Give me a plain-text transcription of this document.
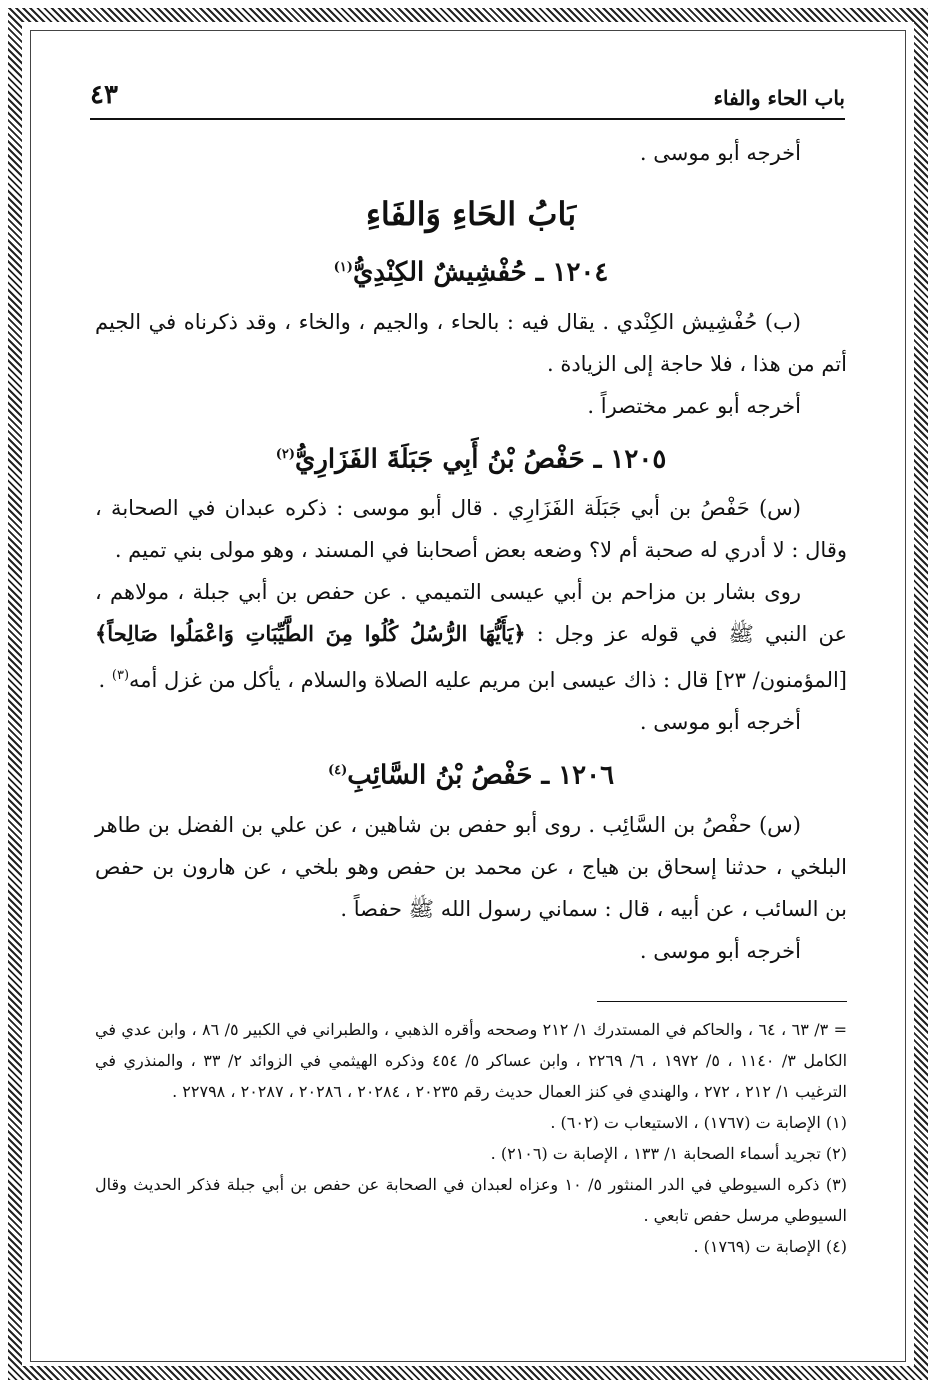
باب الحاء والفاء
٤٣

أخرجه أبو موسى .

بَابُ الحَاءِ وَالفَاءِ
١٢٠٤ ـ حُفْشِيشٌ الكِنْدِيُّ$^{(١)}$

(ب) حُفْشِيش الكِنْدي . يقال فيه : بالحاء ، والجيم ، والخاء ، وقد ذكرناه في الجيم أتم من هذا ، فلا حاجة إلى الزيادة .

أخرجه أبو عمر مختصراً .

١٢٠٥ ـ حَفْصُ بْنُ أَبِي جَبَلَةَ الفَزَارِيُّ$^{(٢)}$

(س) حَفْصُ بن أبي جَبَلَة الفَزَارِي . قال أبو موسى : ذكره عبدان في الصحابة ، وقال : لا أدري له صحبة أم لا؟ وضعه بعض أصحابنا في المسند ، وهو مولى بني تميم .

روى بشار بن مزاحم بن أبي عيسى التميمي . عن حفص بن أبي جبلة ، مولاهم ، عن النبي ﷺ في قوله عز وجل : ﴿يَأَيُّهَا الرُّسُلُ كُلُوا مِنَ الطَّيِّبَاتِ وَاعْمَلُوا صَالِحاً﴾ [المؤمنون/ ٢٣] قال : ذاك عيسى ابن مريم عليه الصلاة والسلام ، يأكل من غزل أمه$^{(٣)}$ .

أخرجه أبو موسى .

١٢٠٦ ـ حَفْصُ بْنُ السَّائِبِ$^{(٤)}$

(س) حفْصُ بن السَّائِب . روى أبو حفص بن شاهين ، عن علي بن الفضل بن طاهر البلخي ، حدثنا إسحاق بن هياج ، عن محمد بن حفص وهو بلخي ، عن هارون بن حفص بن السائب ، عن أبيه ، قال : سماني رسول الله ﷺ حفصاً .

أخرجه أبو موسى .

= ٣/ ٦٣ ، ٦٤ ، والحاكم في المستدرك ١/ ٢١٢ وصححه وأقره الذهبي ، والطبراني في الكبير ٥/ ٨٦ ، وابن عدي في الكامل ٣/ ١١٤٠ ، ٥/ ١٩٧٢ ، ٦/ ٢٢٦٩ ، وابن عساكر ٥/ ٤٥٤ وذكره الهيثمي في الزوائد ٢/ ٣٣ ، والمنذري في الترغيب ١/ ٢١٢ ، ٢٧٢ ، والهندي في كنز العمال حديث رقم ٢٠٢٣٥ ، ٢٠٢٨٤ ، ٢٠٢٨٦ ، ٢٠٢٨٧ ، ٢٢٧٩٨ .

(١) الإصابة ت (١٧٦٧) ، الاستيعاب ت (٦٠٢) .

(٢) تجريد أسماء الصحابة ١/ ١٣٣ ، الإصابة ت (٢١٠٦) .

(٣) ذكره السيوطي في الدر المنثور ٥/ ١٠ وعزاه لعبدان في الصحابة عن حفص بن أبي جبلة فذكر الحديث وقال السيوطي مرسل حفص تابعي .

(٤) الإصابة ت (١٧٦٩) .
